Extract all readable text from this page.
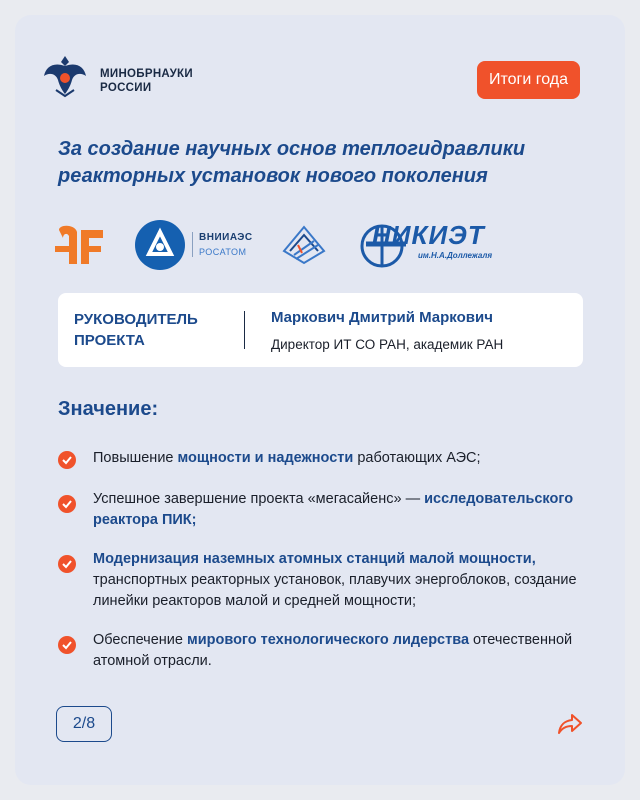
МИНОБРНАУКИ
РОССИИ	Итоги года
За создание научных основ теплогидравлики
реакторных установок нового поколения
ВНИИАЭС
РОСАТОМ
НИКИЭТ
им.Н.А.Доллежаля
РУКОВОДИТЕЛЬ
ПРОЕКТА
Маркович Дмитрий Маркович
Директор ИТ СО РАН, академик РАН
Значение:
Повышение мощности и надежности работающих АЭС;
Успешное завершение проекта «мегасайенс» — исследовательского реактора ПИК;
Модернизация наземных атомных станций малой мощности, транспортных реакторных установок, плавучих энергоблоков, создание линейки реакторов малой и средней мощности;
Обеспечение мирового технологического лидерства отечественной атомной отрасли.
2/8
